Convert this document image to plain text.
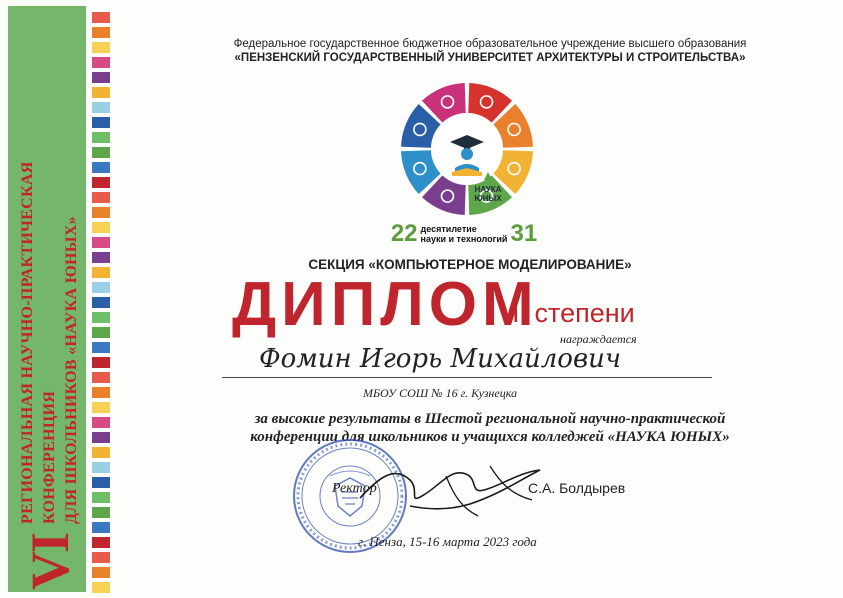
VI
РЕГИОНАЛЬНАЯ НАУЧНО-ПРАКТИЧЕСКАЯ КОНФЕРЕНЦИЯ ДЛЯ ШКОЛЬНИКОВ «НАУКА ЮНЫХ»
Федеральное государственное бюджетное образовательное учреждение высшего образования
«ПЕНЗЕНСКИЙ ГОСУДАРСТВЕННЫЙ УНИВЕРСИТЕТ АРХИТЕКТУРЫ И СТРОИТЕЛЬСТВА»
НАУКА
ЮНЫХ
22 десятилетие
науки и технологий 31
СЕКЦИЯ «КОМПЬЮТЕРНОЕ МОДЕЛИРОВАНИЕ»
ДИПЛОМ
II степени
награждается
Фомин Игорь Михайлович
МБОУ СОШ № 16 г. Кузнецка
за высокие результаты в Шестой региональной научно-практической
конференции для школьников и учащихся колледжей «НАУКА ЮНЫХ»
Ректор	С.А. Болдырев
г. Пенза, 15-16 марта 2023 года
